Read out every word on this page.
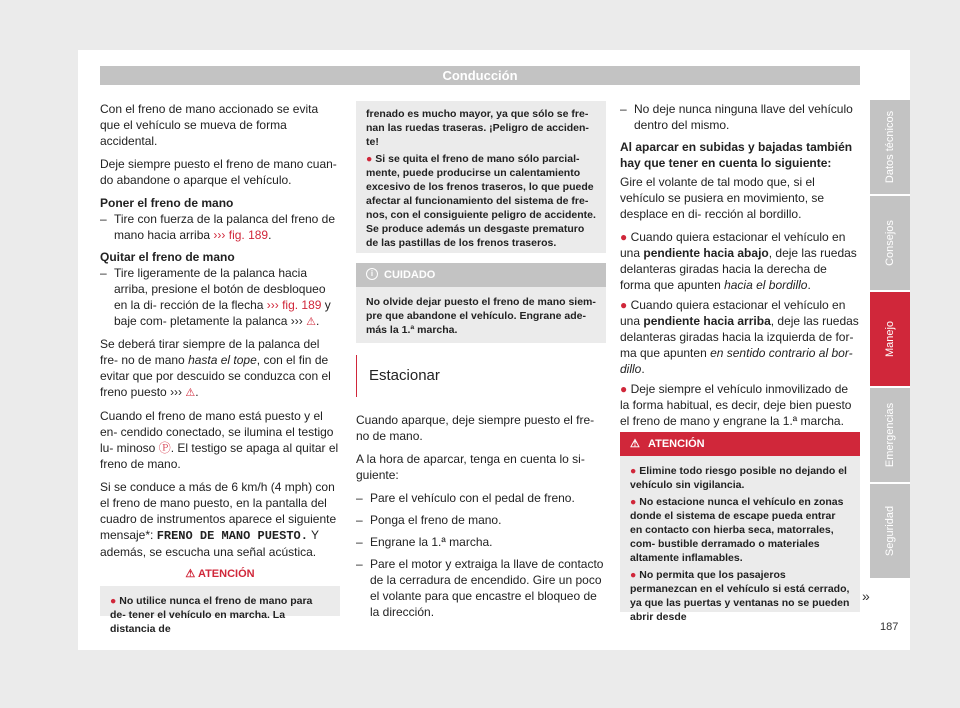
Conducción

Con el freno de mano accionado se evita que el vehículo se mueva de forma accidental.

Deje siempre puesto el freno de mano cuan- do abandone o aparque el vehículo.

Poner el freno de mano

– Tire con fuerza de la palanca del freno de mano hacia arriba ››› fig. 189.

Quitar el freno de mano

– Tire ligeramente de la palanca hacia arriba, presione el botón de desbloqueo en la di- rección de la flecha ››› fig. 189 y baje com- pletamente la palanca ››› ⚠.

Se deberá tirar siempre de la palanca del fre- no de mano hasta el tope, con el fin de evitar que por descuido se conduzca con el freno puesto ››› ⚠.

Cuando el freno de mano está puesto y el en- cendido conectado, se ilumina el testigo lu- minoso Ⓟ. El testigo se apaga al quitar el freno de mano.

Si se conduce a más de 6 km/h (4 mph) con el freno de mano puesto, en la pantalla del cuadro de instrumentos aparece el siguiente mensaje*: FRENO DE MANO PUESTO. Y además, se escucha una señal acústica.

⚠ ATENCIÓN
● No utilice nunca el freno de mano para de- tener el vehículo en marcha. La distancia de
frenado es mucho mayor, ya que sólo se fre- nan las ruedas traseras. ¡Peligro de acciden- te!
● Si se quita el freno de mano sólo parcial- mente, puede producirse un calentamiento excesivo de los frenos traseros, lo que puede afectar al funcionamiento del sistema de fre- nos, con el consiguiente peligro de accidente. Se produce además un desgaste prematuro de las pastillas de los frenos traseros.
i CUIDADO
No olvide dejar puesto el freno de mano siem- pre que abandone el vehículo. Engrane ade- más la 1.ª marcha.
Estacionar

Cuando aparque, deje siempre puesto el fre- no de mano.

A la hora de aparcar, tenga en cuenta lo si- guiente:

– Pare el vehículo con el pedal de freno.

– Ponga el freno de mano.

– Engrane la 1.ª marcha.

– Pare el motor y extraiga la llave de contacto de la cerradura de encendido. Gire un poco el volante para que encastre el bloqueo de la dirección.

– No deje nunca ninguna llave del vehículo dentro del mismo.

Al aparcar en subidas y bajadas también hay que tener en cuenta lo siguiente:

Gire el volante de tal modo que, si el vehículo se pusiera en movimiento, se desplace en di- rección al bordillo.

● Cuando quiera estacionar el vehículo en una pendiente hacia abajo, deje las ruedas delanteras giradas hacia la derecha de forma que apunten hacia el bordillo.

● Cuando quiera estacionar el vehículo en una pendiente hacia arriba, deje las ruedas delanteras giradas hacia la izquierda de for- ma que apunten en sentido contrario al bor- dillo.

● Deje siempre el vehículo inmovilizado de la forma habitual, es decir, deje bien puesto el freno de mano y engrane la 1.ª marcha.

⚠ ATENCIÓN
● Elimine todo riesgo posible no dejando el vehículo sin vigilancia.
● No estacione nunca el vehículo en zonas donde el sistema de escape pueda entrar en contacto con hierba seca, matorrales, com- bustible derramado o materiales altamente inflamables.
● No permita que los pasajeros permanezcan en el vehículo si está cerrado, ya que las puertas y ventanas no se pueden abrir desde
»
Datos técnicos
Consejos
Manejo
Emergencias
Seguridad
187
